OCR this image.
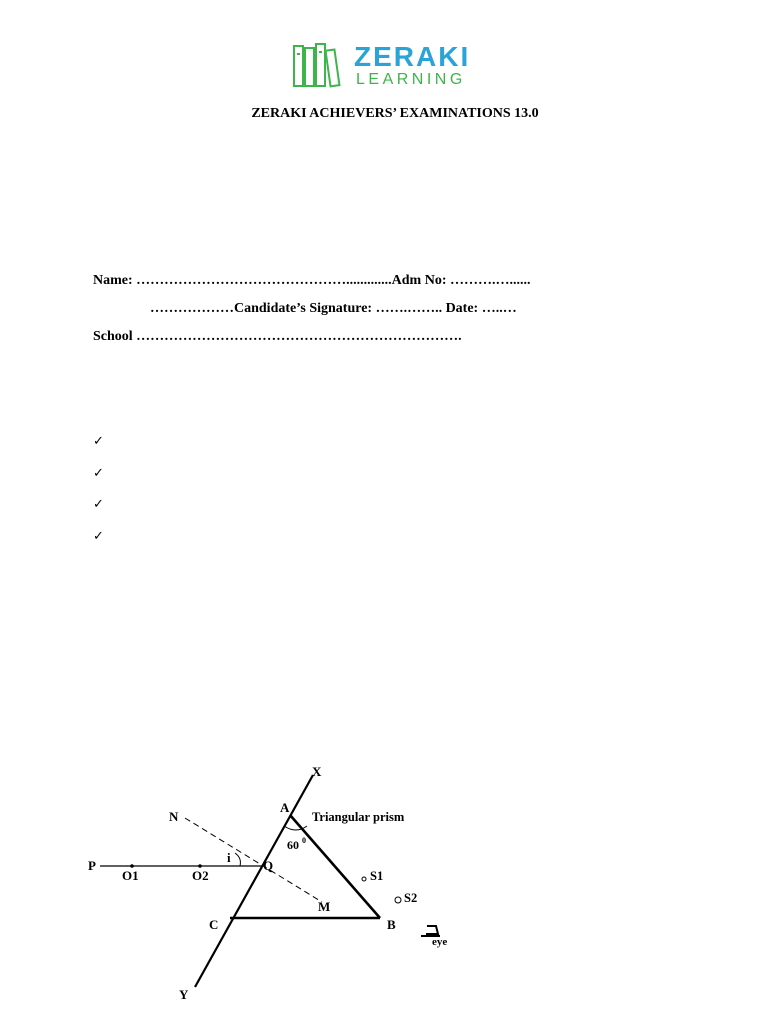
ZERAKI
LEARNING
ZERAKI ACHIEVERS’ EXAMINATIONS 13.0
Name: ……………………………………….............Adm No: ……….…......
………………Candidate’s Signature: …….…….. Date: …..…
School …………………………………………………………….
✓
✓
✓
✓
X
Y
A
B
C
N
M
P	Q
O1	O2
i
60 0
Triangular prism
S1
S2
eye
